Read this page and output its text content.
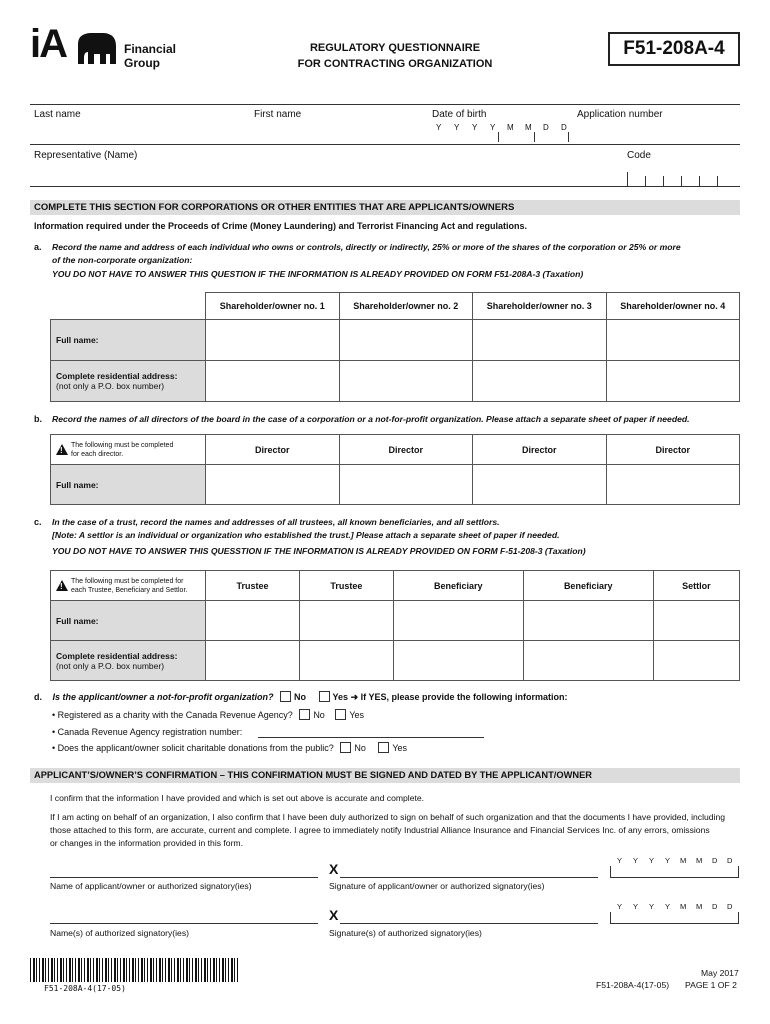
iA	Financial
Group
REGULATORY QUESTIONNAIRE
FOR CONTRACTING ORGANIZATION
F51-208A-4
Last name	First name	Date of birth	Application number
Y Y Y Y M M D D
Representative (Name)	Code
COMPLETE THIS SECTION FOR CORPORATIONS OR OTHER ENTITIES THAT ARE APPLICANTS/OWNERS
Information required under the Proceeds of Crime (Money Laundering) and Terrorist Financing Act and regulations.
a. Record the name and address of each individual who owns or controls, directly or indirectly, 25% or more of the shares of the corporation or 25% or more
of the non-corporate organization:
YOU DO NOT HAVE TO ANSWER THIS QUESTION IF THE INFORMATION IS ALREADY PROVIDED ON FORM F51-208A-3 (Taxation)
	Shareholder/owner no. 1	Shareholder/owner no. 2	Shareholder/owner no. 3	Shareholder/owner no. 4
Full name:				

Complete residential address:
(not only a P.O. box number)				

b. Record the names of all directors of the board in the case of a corporation or a not-for-profit organization. Please attach a separate sheet of paper if needed.
!
The following must be completed
for each director.	Director	Director	Director	Director
Full name:				
c. In the case of a trust, record the names and addresses of all trustees, all known beneficiaries, and all settlors.
[Note: A settlor is an individual or organization who established the trust.] Please attach a separate sheet of paper if needed.
YOU DO NOT HAVE TO ANSWER THIS QUESSTION IF THE INFORMATION IS ALREADY PROVIDED ON FORM F-51-208-3 (Taxation)
!
The following must be completed for
each Trustee, Beneficiary and Settlor.	Trustee	Trustee	Beneficiary	Beneficiary	Settlor
Full name:					

Complete residential address:
(not only a P.O. box number)					

d. Is the applicant/owner a not-for-profit organization? No	Yes ➜ If YES, please provide the following information:
• Registered as a charity with the Canada Revenue Agency? No	Yes
• Canada Revenue Agency registration number:
• Does the applicant/owner solicit charitable donations from the public? No	Yes
APPLICANT’S/OWNER’S CONFIRMATION – THIS CONFIRMATION MUST BE SIGNED AND DATED BY THE APPLICANT/OWNER
I confirm that the information I have provided and which is set out above is accurate and complete.
If I am acting on behalf of an organization, I also confirm that I have been duly authorized to sign on behalf of such organization and that the documents I have provided, including
those attached to this form, are accurate, current and complete. I agree to immediately notify Industrial Alliance Insurance and Financial Services Inc. of any errors, omissions
or changes in the information provided in this form.
X
Name of applicant/owner or authorized signatory(ies)	Signature of applicant/owner or authorized signatory(ies)
Y Y Y Y M M D D
X
Name(s) of authorized signatory(ies)	Signature(s) of authorized signatory(ies)
Y Y Y Y M M D D
F51-208A-4(17-05)
May 2017
F51-208A-4(17-05) PAGE 1 OF 2
